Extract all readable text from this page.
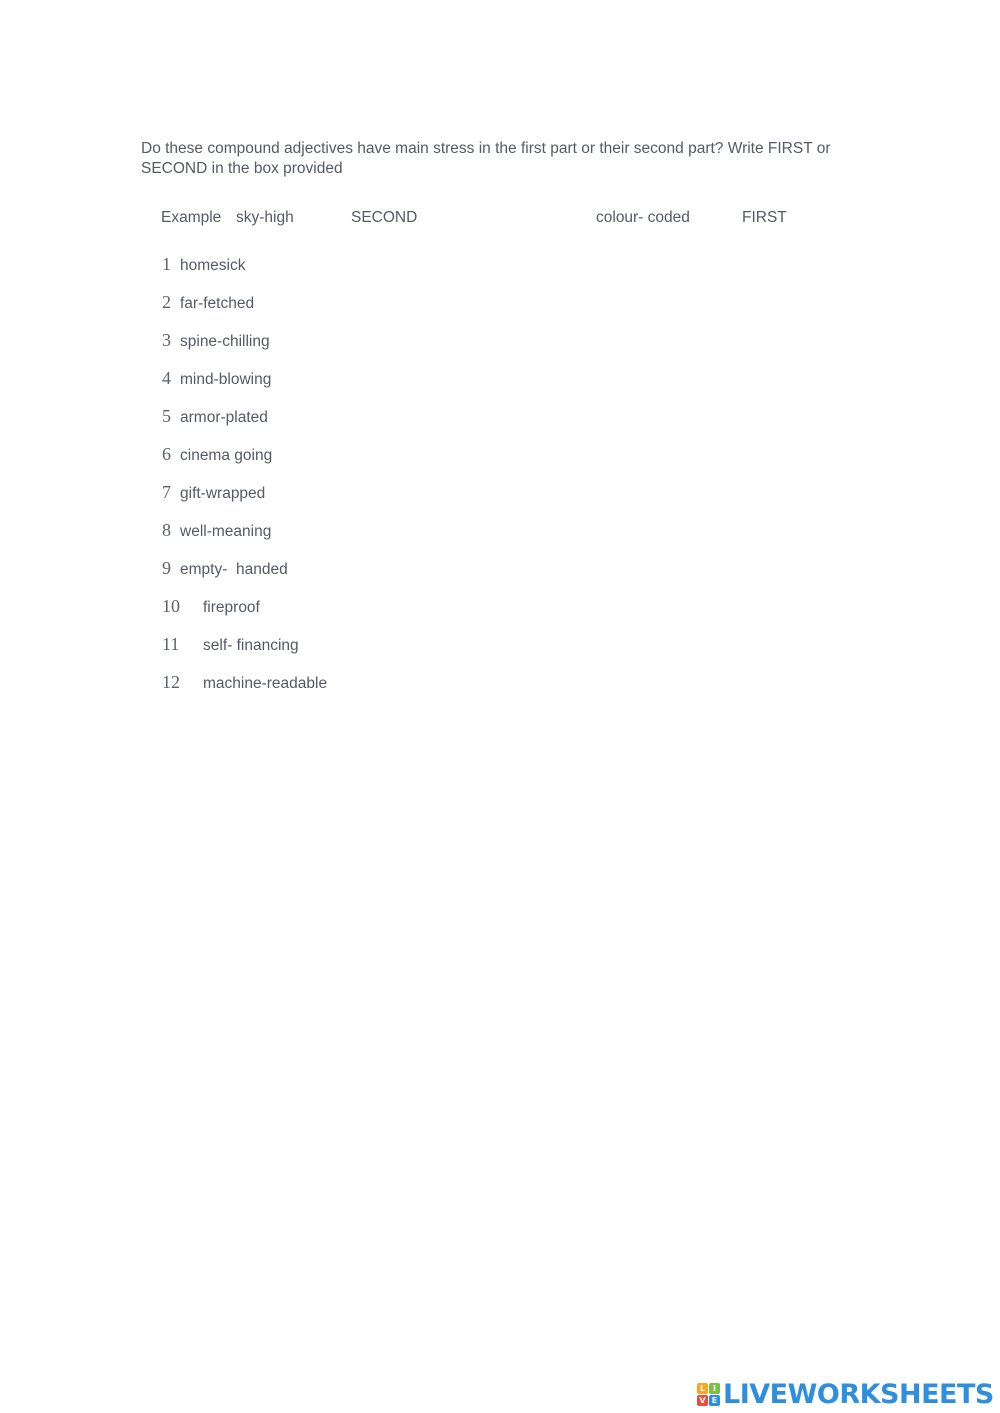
Do these compound adjectives have main stress in the first part or their second part? Write FIRST or SECOND in the box provided
Example sky-high	SECOND	colour- coded	FIRST
1 homesick
2 far-fetched
3 spine-chilling
4 mind-blowing
5 armor-plated
6 cinema going
7 gift-wrapped
8 well-meaning
9 empty-  handed
10	fireproof
11	self- financing
12	machine-readable
L I
V E LIVEWORKSHEETS
